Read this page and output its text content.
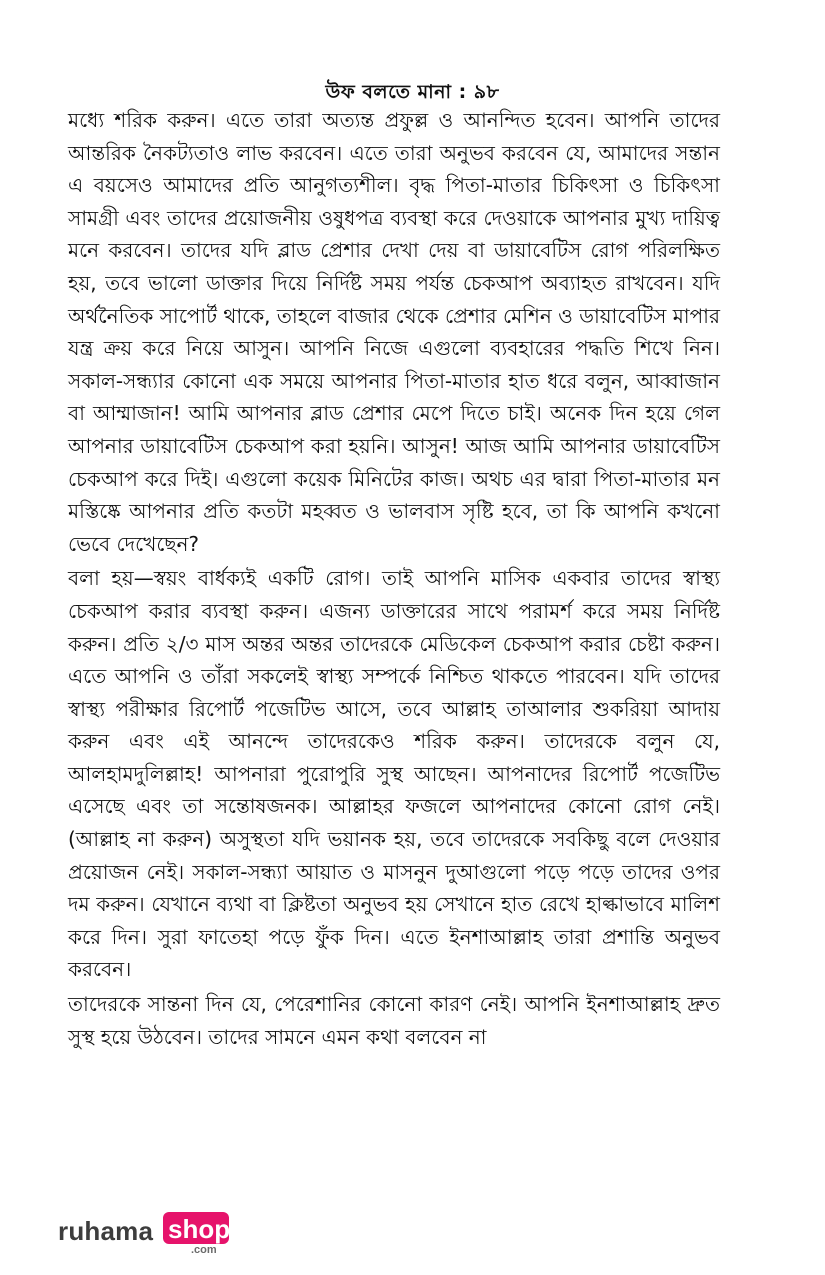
উফ বলতে মানা : ৯৮

মধ্যে শরিক করুন। এতে তারা অত্যন্ত প্রফুল্ল ও আনন্দিত হবেন। আপনি তাদের আন্তরিক নৈকট্যতাও লাভ করবেন। এতে তারা অনুভব করবেন যে, আমাদের সন্তান এ বয়সেও আমাদের প্রতি আনুগত্যশীল। বৃদ্ধ পিতা-মাতার চিকিৎসা ও চিকিৎসা সামগ্রী এবং তাদের প্রয়োজনীয় ওষুধপত্র ব্যবস্থা করে দেওয়াকে আপনার মুখ্য দায়িত্ব মনে করবেন। তাদের যদি ব্লাড প্রেশার দেখা দেয় বা ডায়াবেটিস রোগ পরিলক্ষিত হয়, তবে ভালো ডাক্তার দিয়ে নির্দিষ্ট সময় পর্যন্ত চেকআপ অব্যাহত রাখবেন। যদি অর্থনৈতিক সাপোর্ট থাকে, তাহলে বাজার থেকে প্রেশার মেশিন ও ডায়াবেটিস মাপার যন্ত্র ক্রয় করে নিয়ে আসুন। আপনি নিজে এগুলো ব্যবহারের পদ্ধতি শিখে নিন। সকাল-সন্ধ্যার কোনো এক সময়ে আপনার পিতা-মাতার হাত ধরে বলুন, আব্বাজান বা আম্মাজান! আমি আপনার ব্লাড প্রেশার মেপে দিতে চাই। অনেক দিন হয়ে গেল আপনার ডায়াবেটিস চেকআপ করা হয়নি। আসুন! আজ আমি আপনার ডায়াবেটিস চেকআপ করে দিই। এগুলো কয়েক মিনিটের কাজ। অথচ এর দ্বারা পিতা-মাতার মন মস্তিষ্কে আপনার প্রতি কতটা মহব্বত ও ভালবাস সৃষ্টি হবে, তা কি আপনি কখনো ভেবে দেখেছেন?

বলা হয়—স্বয়ং বার্ধক্যই একটি রোগ। তাই আপনি মাসিক একবার তাদের স্বাস্থ্য চেকআপ করার ব্যবস্থা করুন। এজন্য ডাক্তারের সাথে পরামর্শ করে সময় নির্দিষ্ট করুন। প্রতি ২/৩ মাস অন্তর অন্তর তাদেরকে মেডিকেল চেকআপ করার চেষ্টা করুন। এতে আপনি ও তাঁরা সকলেই স্বাস্থ্য সম্পর্কে নিশ্চিত থাকতে পারবেন। যদি তাদের স্বাস্থ্য পরীক্ষার রিপোর্ট পজেটিভ আসে, তবে আল্লাহ তাআলার শুকরিয়া আদায় করুন এবং এই আনন্দে তাদেরকেও শরিক করুন। তাদেরকে বলুন যে, আলহামদুলিল্লাহ! আপনারা পুরোপুরি সুস্থ আছেন। আপনাদের রিপোর্ট পজেটিভ এসেছে এবং তা সন্তোষজনক। আল্লাহর ফজলে আপনাদের কোনো রোগ নেই। (আল্লাহ না করুন) অসুস্থতা যদি ভয়ানক হয়, তবে তাদেরকে সবকিছু বলে দেওয়ার প্রয়োজন নেই। সকাল-সন্ধ্যা আয়াত ও মাসনুন দুআগুলো পড়ে পড়ে তাদের ওপর দম করুন। যেখানে ব্যথা বা ক্লিষ্টতা অনুভব হয় সেখানে হাত রেখে হাল্কাভাবে মালিশ করে দিন। সুরা ফাতেহা পড়ে ফুঁক দিন। এতে ইনশাআল্লাহ তারা প্রশান্তি অনুভব করবেন।

তাদেরকে সান্তনা দিন যে, পেরেশানির কোনো কারণ নেই। আপনি ইনশাআল্লাহ দ্রুত সুস্থ হয়ে উঠবেন। তাদের সামনে এমন কথা বলবেন না

ruhama shop
.com
